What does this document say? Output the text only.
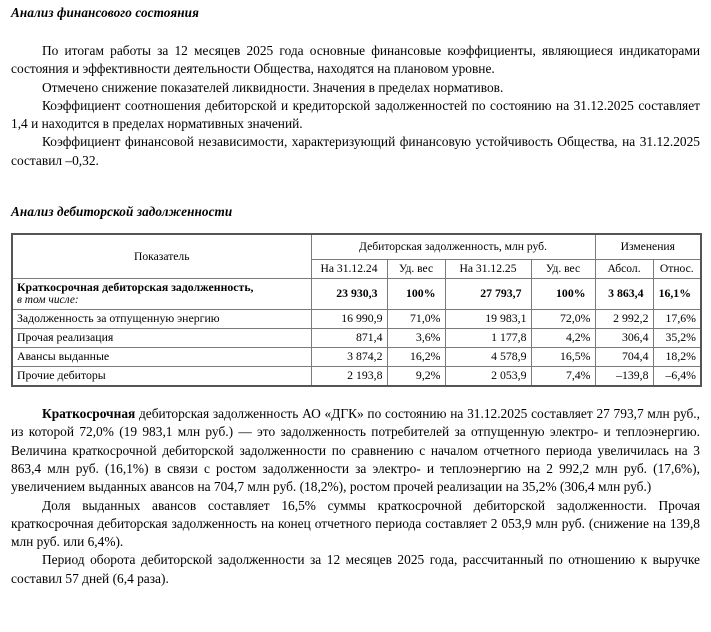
Анализ финансового состояния

По итогам работы за 12 месяцев 2025 года основные финансовые коэффициенты, являющиеся индикаторами состояния и эффективности деятельности Общества, находятся на плановом уровне.

Отмечено снижение показателей ликвидности. Значения в пределах нормативов.

Коэффициент соотношения дебиторской и кредиторской задолженностей по состоянию на 31.12.2025 составляет 1,4 и находится в пределах нормативных значений.

Коэффициент финансовой независимости, характеризующий финансовую устойчивость Общества, на 31.12.2025 составил –0,32.

Анализ дебиторской задолженности
Показатель	Дебиторская задолженность, млн руб.				Изменения	
	На 31.12.24	Уд. вес	На 31.12.25	Уд. вес	Абсол.	Относ.

Краткосрочная дебиторская задолженность,
в том числе:	23 930,3	100%	27 793,7	100%	3 863,4	16,1%
Задолженность за отпущенную энергию	16 990,9	71,0%	19 983,1	72,0%	2 992,2	17,6%
Прочая реализация	871,4	3,6%	1 177,8	4,2%	306,4	35,2%
Авансы выданные	3 874,2	16,2%	4 578,9	16,5%	704,4	18,2%
Прочие дебиторы	2 193,8	9,2%	2 053,9	7,4%	–139,8	–6,4%

Краткосрочная дебиторская задолженность АО «ДГК» по состоянию на 31.12.2025 составляет 27 793,7 млн руб., из которой 72,0% (19 983,1 млн руб.) — это задолженность потребителей за отпущенную электро- и теплоэнергию. Величина краткосрочной дебиторской задолженности по сравнению с началом отчетного периода увеличилась на 3 863,4 млн руб. (16,1%) в связи с ростом задолженности за электро- и теплоэнергию на 2 992,2 млн руб. (17,6%), увеличением выданных авансов на 704,7 млн руб. (18,2%), ростом прочей реализации на 35,2% (306,4 млн руб.)

Доля выданных авансов составляет 16,5% суммы краткосрочной дебиторской задолженности. Прочая краткосрочная дебиторская задолженность на конец отчетного периода составляет 2 053,9 млн руб. (снижение на 139,8 млн руб. или 6,4%).

Период оборота дебиторской задолженности за 12 месяцев 2025 года, рассчитанный по отношению к выручке составил 57 дней (6,4 раза).
